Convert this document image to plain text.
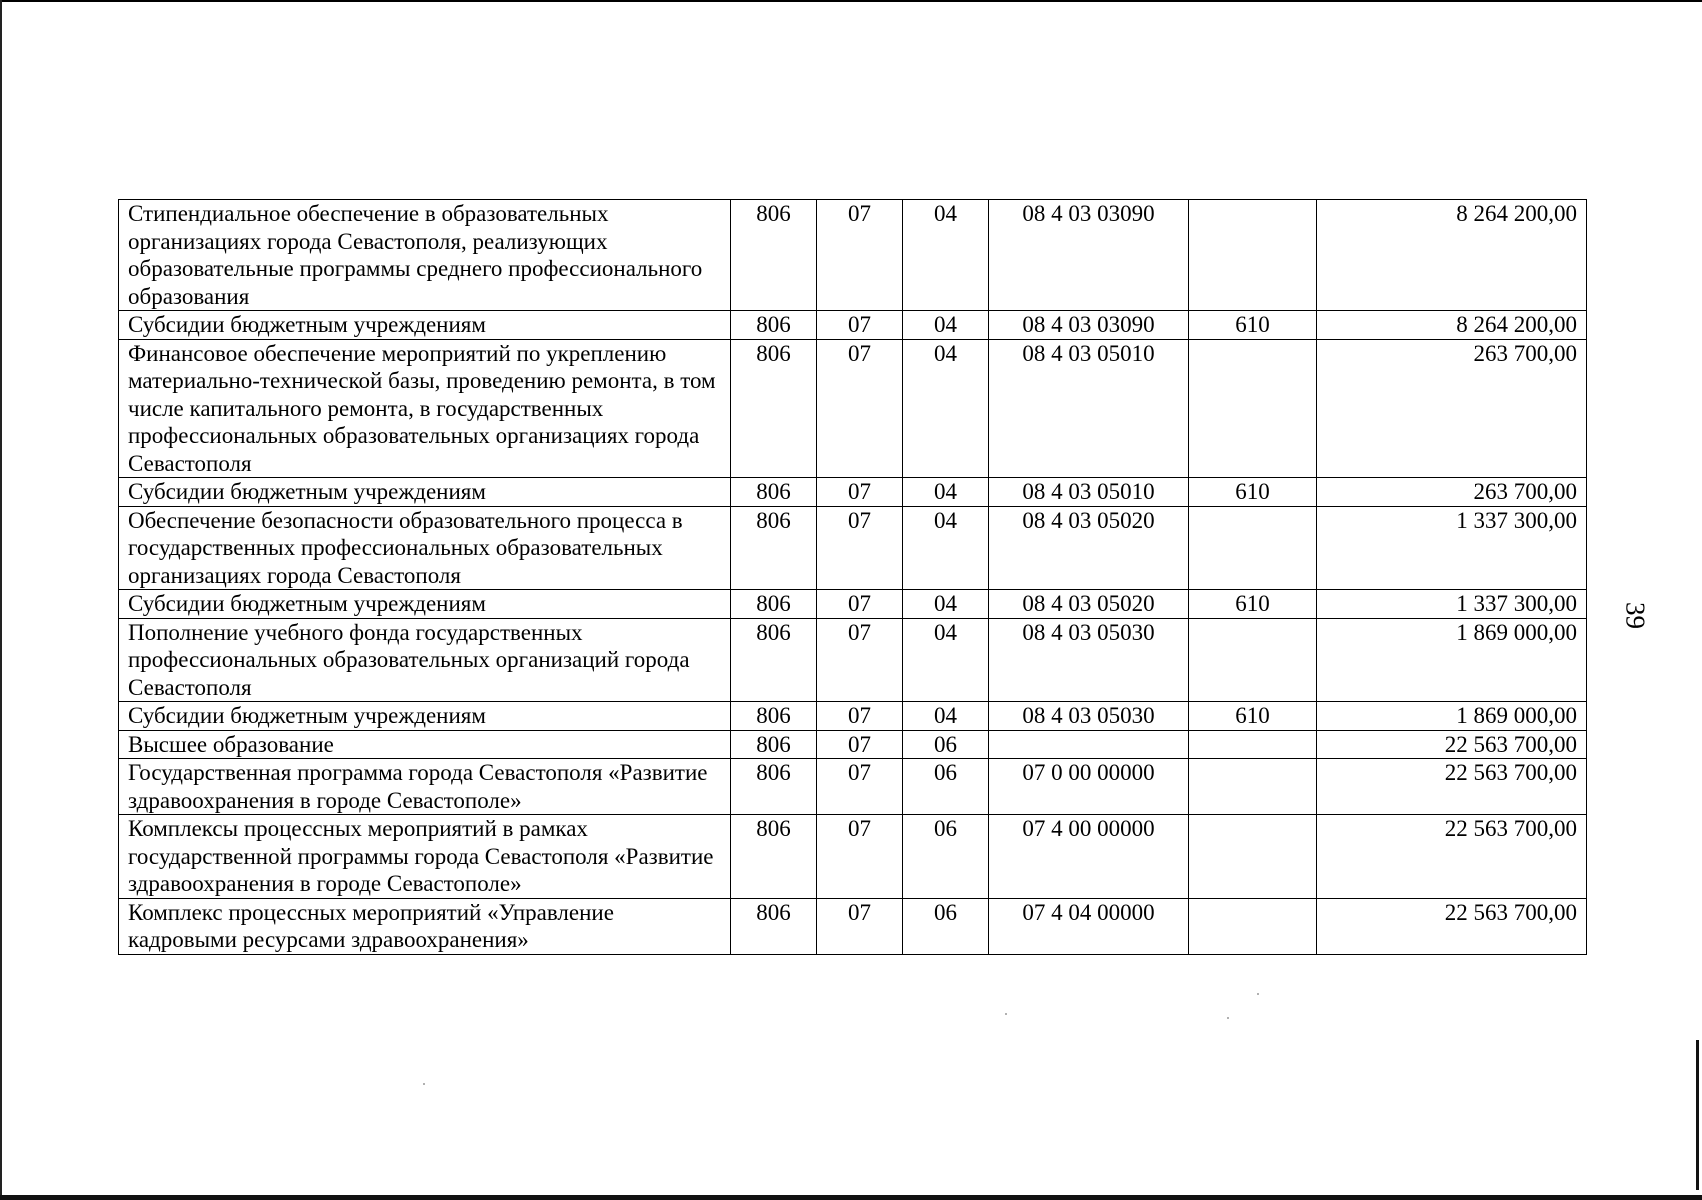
Стипендиальное обеспечение в образовательных организациях города Севастополя, реализующих образовательные программы среднего профессионального образования	806	07	04	08 4 03 03090		8 264 200,00
Субсидии бюджетным учреждениям	806	07	04	08 4 03 03090	610	8 264 200,00
Финансовое обеспечение мероприятий по укреплению материально-технической базы, проведению ремонта, в том числе капитального ремонта, в государственных профессиональных образовательных организациях города Севастополя	806	07	04	08 4 03 05010		263 700,00
Субсидии бюджетным учреждениям	806	07	04	08 4 03 05010	610	263 700,00
Обеспечение безопасности образовательного процесса в государственных профессиональных образовательных организациях города Севастополя	806	07	04	08 4 03 05020		1 337 300,00
Субсидии бюджетным учреждениям	806	07	04	08 4 03 05020	610	1 337 300,00
Пополнение учебного фонда государственных профессиональных образовательных организаций города Севастополя	806	07	04	08 4 03 05030		1 869 000,00
Субсидии бюджетным учреждениям	806	07	04	08 4 03 05030	610	1 869 000,00
Высшее образование	806	07	06			22 563 700,00
Государственная программа города Севастополя «Развитие здравоохранения в городе Севастополе»	806	07	06	07 0 00 00000		22 563 700,00
Комплексы процессных мероприятий в рамках государственной программы города Севастополя «Развитие здравоохранения в городе Севастополе»	806	07	06	07 4 00 00000		22 563 700,00
Комплекс процессных мероприятий «Управление кадровыми ресурсами здравоохранения»	806	07	06	07 4 04 00000		22 563 700,00
39
